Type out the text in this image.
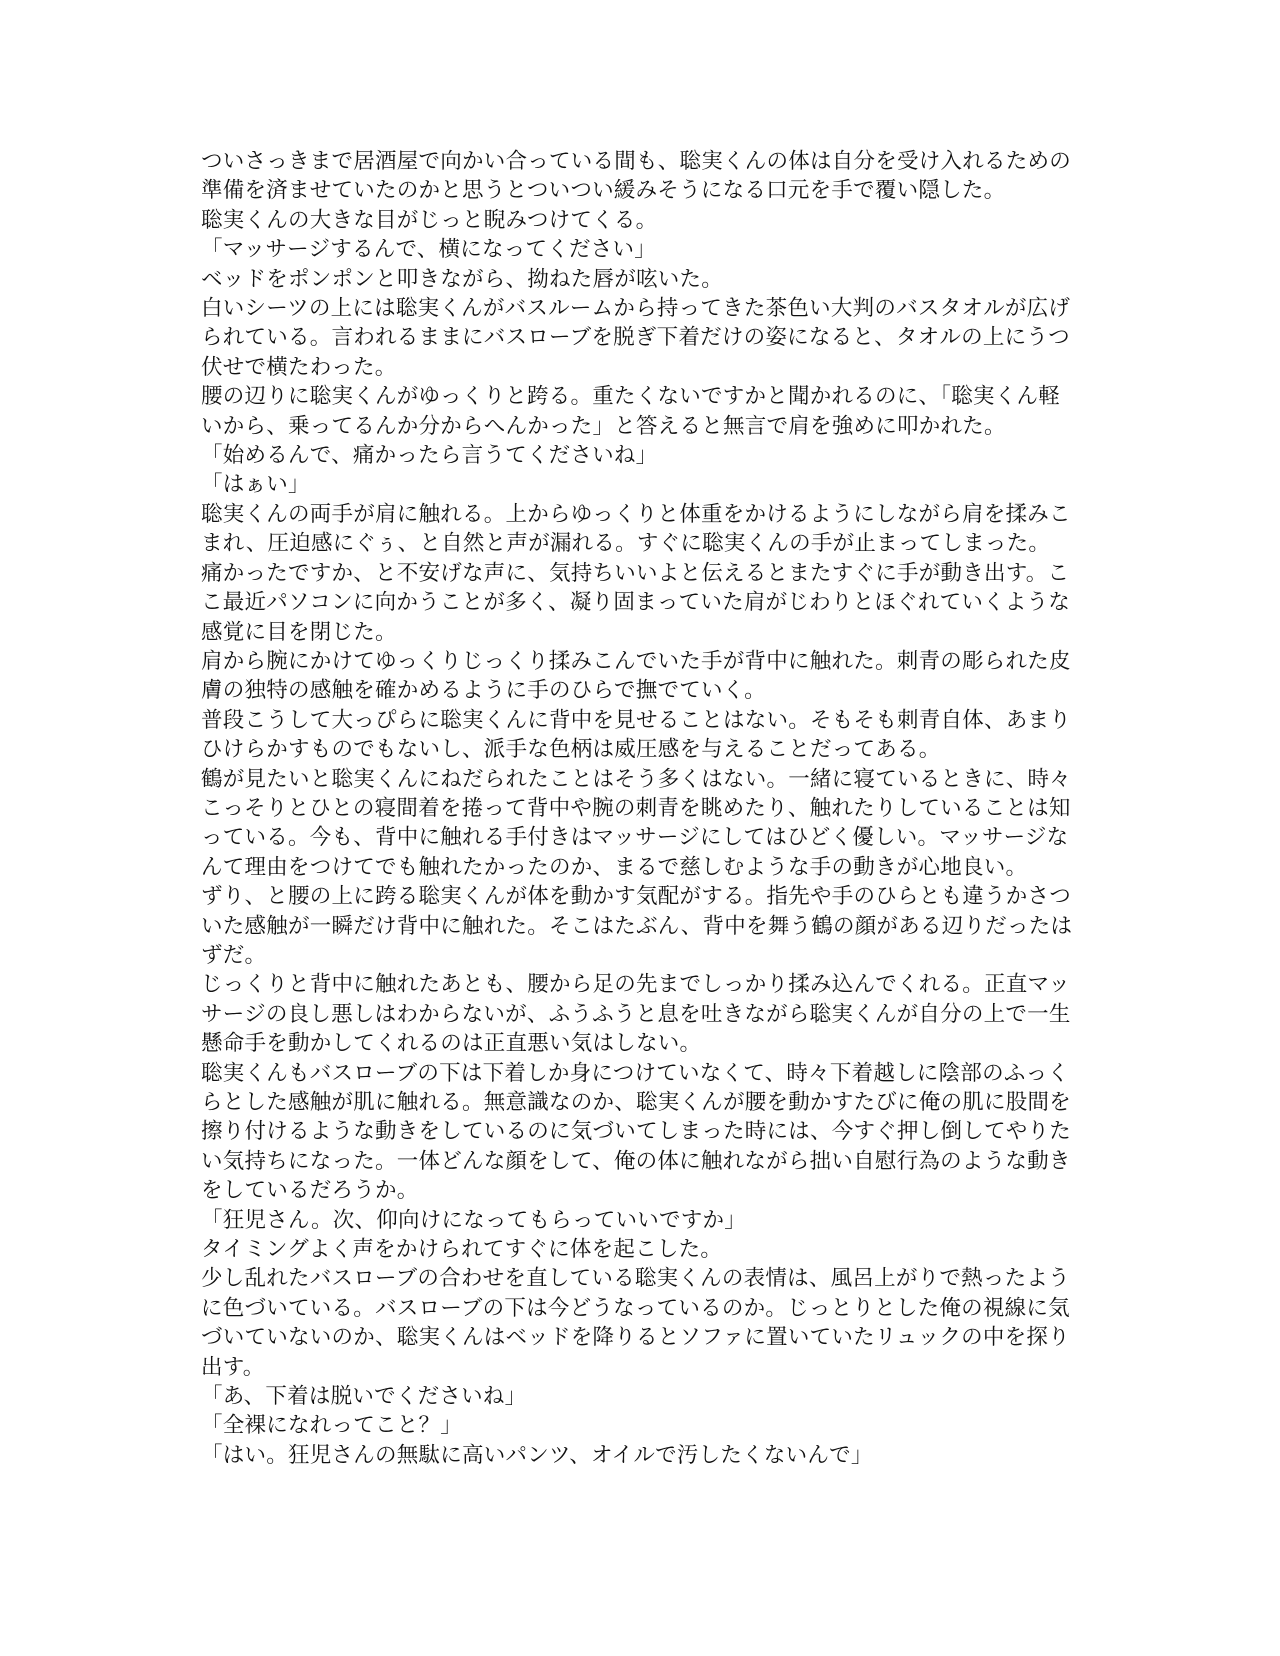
ついさっきまで居酒屋で向かい合っている間も、聡実くんの体は自分を受け入れるための

準備を済ませていたのかと思うとついつい緩みそうになる口元を手で覆い隠した。

聡実くんの大きな目がじっと睨みつけてくる。

「マッサージするんで、横になってください」

ベッドをポンポンと叩きながら、拗ねた唇が呟いた。

白いシーツの上には聡実くんがバスルームから持ってきた茶色い大判のバスタオルが広げ

られている。言われるままにバスローブを脱ぎ下着だけの姿になると、タオルの上にうつ

伏せで横たわった。

腰の辺りに聡実くんがゆっくりと跨る。重たくないですかと聞かれるのに、「聡実くん軽

いから、乗ってるんか分からへんかった」と答えると無言で肩を強めに叩かれた。

「始めるんで、痛かったら言うてくださいね」

「はぁい」

聡実くんの両手が肩に触れる。上からゆっくりと体重をかけるようにしながら肩を揉みこ

まれ、圧迫感にぐぅ、と自然と声が漏れる。すぐに聡実くんの手が止まってしまった。

痛かったですか、と不安げな声に、気持ちいいよと伝えるとまたすぐに手が動き出す。こ

こ最近パソコンに向かうことが多く、凝り固まっていた肩がじわりとほぐれていくような

感覚に目を閉じた。

肩から腕にかけてゆっくりじっくり揉みこんでいた手が背中に触れた。刺青の彫られた皮

膚の独特の感触を確かめるように手のひらで撫でていく。

普段こうして大っぴらに聡実くんに背中を見せることはない。そもそも刺青自体、あまり

ひけらかすものでもないし、派手な色柄は威圧感を与えることだってある。

鶴が見たいと聡実くんにねだられたことはそう多くはない。一緒に寝ているときに、時々

こっそりとひとの寝間着を捲って背中や腕の刺青を眺めたり、触れたりしていることは知

っている。今も、背中に触れる手付きはマッサージにしてはひどく優しい。マッサージな

んて理由をつけてでも触れたかったのか、まるで慈しむような手の動きが心地良い。

ずり、と腰の上に跨る聡実くんが体を動かす気配がする。指先や手のひらとも違うかさつ

いた感触が一瞬だけ背中に触れた。そこはたぶん、背中を舞う鶴の顔がある辺りだったは

ずだ。

じっくりと背中に触れたあとも、腰から足の先までしっかり揉み込んでくれる。正直マッ

サージの良し悪しはわからないが、ふうふうと息を吐きながら聡実くんが自分の上で一生

懸命手を動かしてくれるのは正直悪い気はしない。

聡実くんもバスローブの下は下着しか身につけていなくて、時々下着越しに陰部のふっく

らとした感触が肌に触れる。無意識なのか、聡実くんが腰を動かすたびに俺の肌に股間を

擦り付けるような動きをしているのに気づいてしまった時には、今すぐ押し倒してやりた

い気持ちになった。一体どんな顔をして、俺の体に触れながら拙い自慰行為のような動き

をしているだろうか。

「狂児さん。次、仰向けになってもらっていいですか」

タイミングよく声をかけられてすぐに体を起こした。

少し乱れたバスローブの合わせを直している聡実くんの表情は、風呂上がりで熱ったよう

に色づいている。バスローブの下は今どうなっているのか。じっとりとした俺の視線に気

づいていないのか、聡実くんはベッドを降りるとソファに置いていたリュックの中を探り

出す。

「あ、下着は脱いでくださいね」

「全裸になれってこと？」

「はい。狂児さんの無駄に高いパンツ、オイルで汚したくないんで」
